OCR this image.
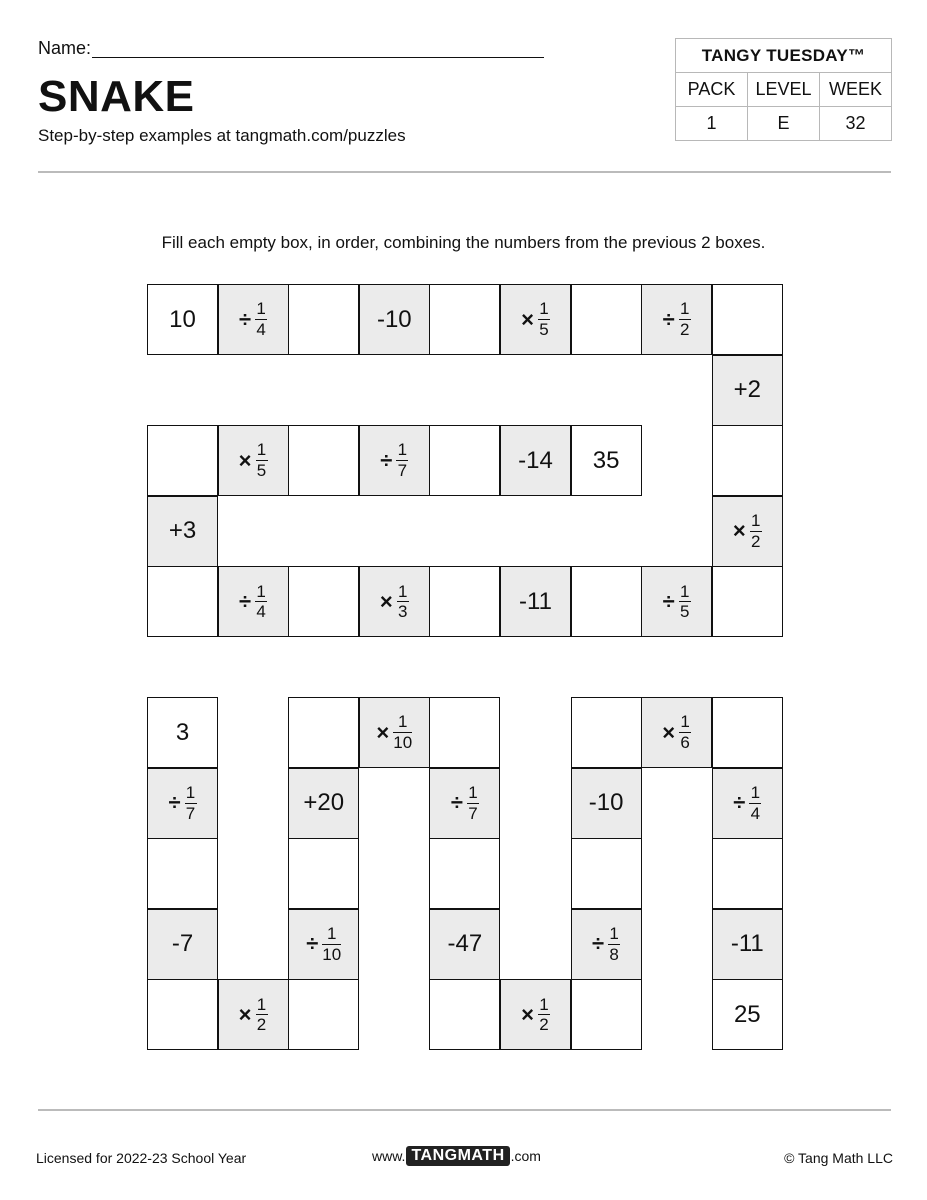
Name:
SNAKE
Step-by-step examples at tangmath.com/puzzles
TANGY TUESDAY™		
PACK	LEVEL	WEEK
1	E	32
Fill each empty box, in order, combining the numbers from the previous 2 boxes.
$10 \div \frac{1}{4}$	-10	× $\frac{1}{5}$	÷ $\frac{1}{2}$
+2
35
-14
÷ $\frac{1}{7}$
× $\frac{1}{5}$
+3	× $\frac{1}{2}$
÷ $\frac{1}{4}$	× $\frac{1}{3}$	-11	÷ $\frac{1}{5}$
3
÷ $\frac{1}{7}$
-7
× $\frac{1}{2}$
÷ $\frac{1}{10}$
+20
× $\frac{1}{10}$
÷ $\frac{1}{7}$
-47
× $\frac{1}{2}$
÷ $\frac{1}{8}$
-10
× $\frac{1}{6}$
÷ $\frac{1}{4}$
-11
25
Licensed for 2022-23 School Year	www. TANGMATH .com	© Tang Math LLC
